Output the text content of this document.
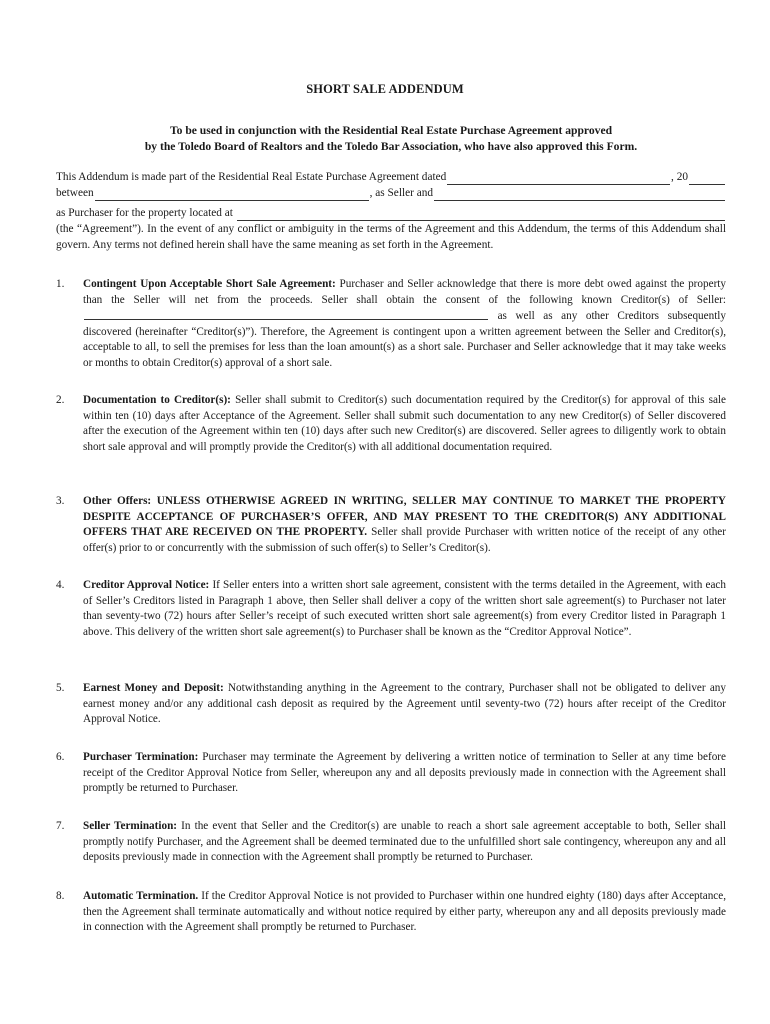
SHORT SALE ADDENDUM
To be used in conjunction with the Residential Real Estate Purchase Agreement approved
by the Toledo Board of Realtors and the Toledo Bar Association, who have also approved this Form.
This Addendum is made part of the Residential Real Estate Purchase Agreement dated	, 20
between	, as Seller and
as Purchaser for the property located at
(the “Agreement”). In the event of any conflict or ambiguity in the terms of the Agreement and this Addendum, the terms of this Addendum shall govern. Any terms not defined herein shall have the same meaning as set forth in the Agreement.
1. Contingent Upon Acceptable Short Sale Agreement: Purchaser and Seller acknowledge that there is more debt owed against the property than the Seller will net from the proceeds. Seller shall obtain the consent of the following known Creditor(s) of Seller:  as well as any other Creditors subsequently discovered (hereinafter “Creditor(s)”). Therefore, the Agreement is contingent upon a written agreement between the Seller and Creditor(s), acceptable to all, to sell the premises for less than the loan amount(s) as a short sale. Purchaser and Seller acknowledge that it may take weeks or months to obtain Creditor(s) approval of a short sale.
2. Documentation to Creditor(s): Seller shall submit to Creditor(s) such documentation required by the Creditor(s) for approval of this sale within ten (10) days after Acceptance of the Agreement. Seller shall submit such documentation to any new Creditor(s) of Seller discovered after the execution of the Agreement within ten (10) days after such new Creditor(s) are discovered. Seller agrees to diligently work to obtain short sale approval and will promptly provide the Creditor(s) with all additional documentation required.
3. Other Offers: UNLESS OTHERWISE AGREED IN WRITING, SELLER MAY CONTINUE TO MARKET THE PROPERTY DESPITE ACCEPTANCE OF PURCHASER’S OFFER, AND MAY PRESENT TO THE CREDITOR(S) ANY ADDITIONAL OFFERS THAT ARE RECEIVED ON THE PROPERTY. Seller shall provide Purchaser with written notice of the receipt of any other offer(s) prior to or concurrently with the submission of such offer(s) to Seller’s Creditor(s).
4. Creditor Approval Notice: If Seller enters into a written short sale agreement, consistent with the terms detailed in the Agreement, with each of Seller’s Creditors listed in Paragraph 1 above, then Seller shall deliver a copy of the written short sale agreement(s) to Purchaser not later than seventy-two (72) hours after Seller’s receipt of such executed written short sale agreement(s) from every Creditor listed in Paragraph 1 above. This delivery of the written short sale agreement(s) to Purchaser shall be known as the “Creditor Approval Notice”.
5. Earnest Money and Deposit: Notwithstanding anything in the Agreement to the contrary, Purchaser shall not be obligated to deliver any earnest money and/or any additional cash deposit as required by the Agreement until seventy-two (72) hours after receipt of the Creditor Approval Notice.
6. Purchaser Termination: Purchaser may terminate the Agreement by delivering a written notice of termination to Seller at any time before receipt of the Creditor Approval Notice from Seller, whereupon any and all deposits previously made in connection with the Agreement shall promptly be returned to Purchaser.
7. Seller Termination: In the event that Seller and the Creditor(s) are unable to reach a short sale agreement acceptable to both, Seller shall promptly notify Purchaser, and the Agreement shall be deemed terminated due to the unfulfilled short sale contingency, whereupon any and all deposits previously made in connection with the Agreement shall promptly be returned to Purchaser.
8. Automatic Termination. If the Creditor Approval Notice is not provided to Purchaser within one hundred eighty (180) days after Acceptance, then the Agreement shall terminate automatically and without notice required by either party, whereupon any and all deposits previously made in connection with the Agreement shall promptly be returned to Purchaser.
